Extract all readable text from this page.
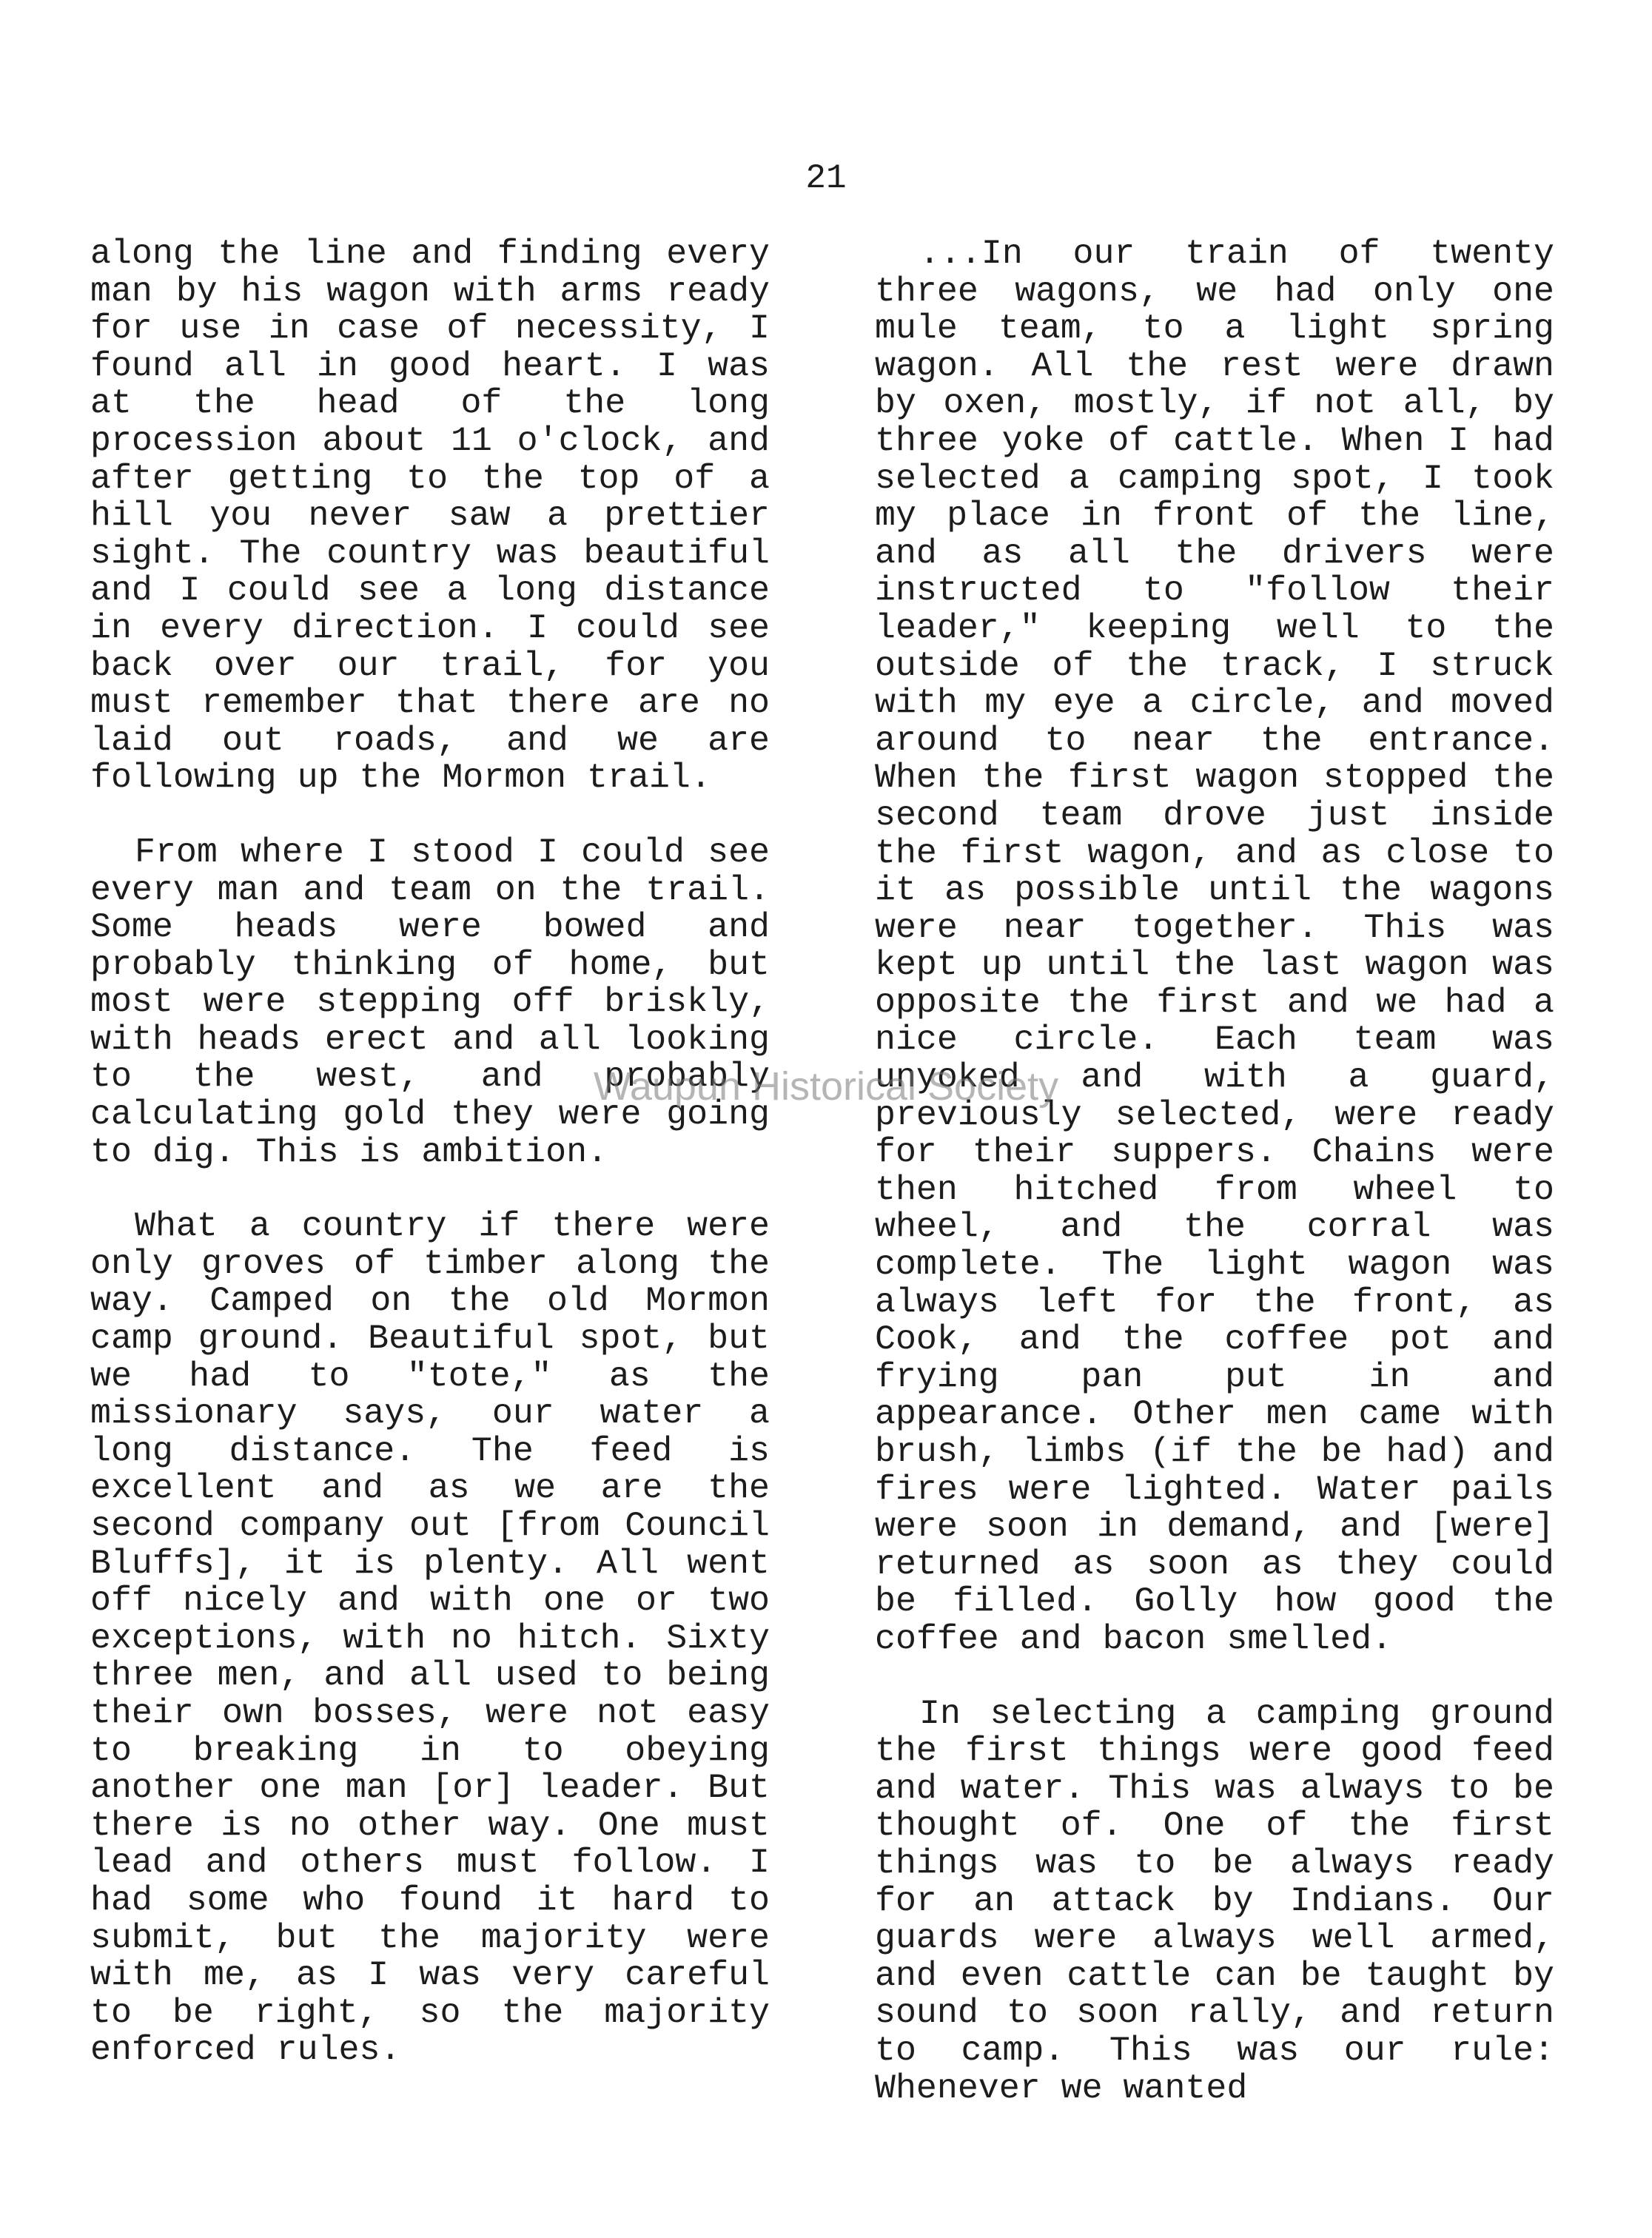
21

along the line and finding every man by his wagon with arms ready for use in case of necessity, I found all in good heart. I was at the head of the long procession about 11 o'clock, and after getting to the top of a hill you never saw a prettier sight. The country was beautiful and I could see a long distance in every direction. I could see back over our trail, for you must remember that there are no laid out roads, and we are following up the Mormon trail.

From where I stood I could see every man and team on the trail. Some heads were bowed and probably thinking of home, but most were stepping off briskly, with heads erect and all looking to the west, and probably calculating gold they were going to dig. This is ambition.

What a country if there were only groves of timber along the way. Camped on the old Mormon camp ground. Beautiful spot, but we had to "tote," as the missionary says, our water a long distance. The feed is excellent and as we are the second company out [from Council Bluffs], it is plenty. All went off nicely and with one or two exceptions, with no hitch. Sixty three men, and all used to being their own bosses, were not easy to breaking in to obeying another one man [or] leader. But there is no other way. One must lead and others must follow. I had some who found it hard to submit, but the majority were with me, as I was very careful to be right, so the majority enforced rules.

...In our train of twenty three wagons, we had only one mule team, to a light spring wagon. All the rest were drawn by oxen, mostly, if not all, by three yoke of cattle. When I had selected a camping spot, I took my place in front of the line, and as all the drivers were instructed to "follow their leader," keeping well to the outside of the track, I struck with my eye a circle, and moved around to near the entrance. When the first wagon stopped the second team drove just inside the first wagon, and as close to it as possible until the wagons were near together. This was kept up until the last wagon was opposite the first and we had a nice circle. Each team was unyoked and with a guard, previously selected, were ready for their suppers. Chains were then hitched from wheel to wheel, and the corral was complete. The light wagon was always left for the front, as Cook, and the coffee pot and frying pan put in and appearance. Other men came with brush, limbs (if the be had) and fires were lighted. Water pails were soon in demand, and [were] returned as soon as they could be filled. Golly how good the coffee and bacon smelled.

In selecting a camping ground the first things were good feed and water. This was always to be thought of. One of the first things was to be always ready for an attack by Indians. Our guards were always well armed, and even cattle can be taught by sound to soon rally, and return to camp. This was our rule: Whenever we wanted

Waupun Historical Society
